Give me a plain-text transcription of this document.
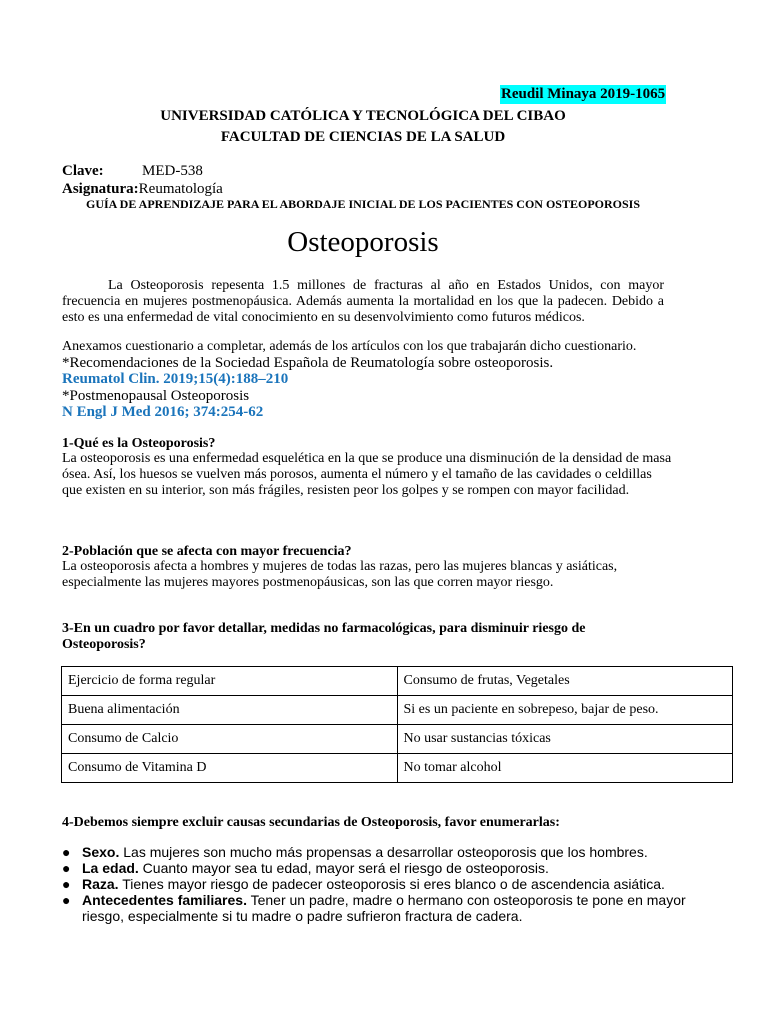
Reudil Minaya 2019-1065
UNIVERSIDAD CATÓLICA Y TECNOLÓGICA DEL CIBAO
FACULTAD DE CIENCIAS DE LA SALUD
Clave:	MED-538
Asignatura:Reumatología
GUÍA DE APRENDIZAJE PARA EL ABORDAJE INICIAL DE LOS PACIENTES CON OSTEOPOROSIS
Osteoporosis
La Osteoporosis repesenta 1.5 millones de fracturas al año en Estados Unidos, con mayor frecuencia en mujeres postmenopáusica. Además aumenta la mortalidad en los que la padecen. Debido a esto es una enfermedad de vital conocimiento en su desenvolvimiento como futuros médicos.
Anexamos cuestionario a completar, además de los artículos con los que trabajarán dicho cuestionario.
*Recomendaciones de la Sociedad Española de Reumatología sobre osteoporosis.
Reumatol Clin. 2019;15(4):188–210
*Postmenopausal Osteoporosis
N Engl J Med 2016; 374:254-62
1-Qué es la Osteoporosis?
La osteoporosis es una enfermedad esquelética en la que se produce una disminución de la densidad de masa ósea. Así, los huesos se vuelven más porosos, aumenta el número y el tamaño de las cavidades o celdillas que existen en su interior, son más frágiles, resisten peor los golpes y se rompen con mayor facilidad.
2-Población que se afecta con mayor frecuencia?
La osteoporosis afecta a hombres y mujeres de todas las razas, pero las mujeres blancas y asiáticas, especialmente las mujeres mayores postmenopáusicas, son las que corren mayor riesgo.
3-En un cuadro por favor detallar, medidas no farmacológicas, para disminuir riesgo de Osteoporosis?
Ejercicio de forma regular	Consumo de frutas, Vegetales
Buena alimentación	Si es un paciente en sobrepeso, bajar de peso.
Consumo de Calcio	No usar sustancias tóxicas
Consumo de Vitamina D	No tomar alcohol
4-Debemos siempre excluir causas secundarias de Osteoporosis, favor enumerarlas:
● Sexo. Las mujeres son mucho más propensas a desarrollar osteoporosis que los hombres.
● La edad. Cuanto mayor sea tu edad, mayor será el riesgo de osteoporosis.
● Raza. Tienes mayor riesgo de padecer osteoporosis si eres blanco o de ascendencia asiática.
● Antecedentes familiares. Tener un padre, madre o hermano con osteoporosis te pone en mayor riesgo, especialmente si tu madre o padre sufrieron fractura de cadera.
